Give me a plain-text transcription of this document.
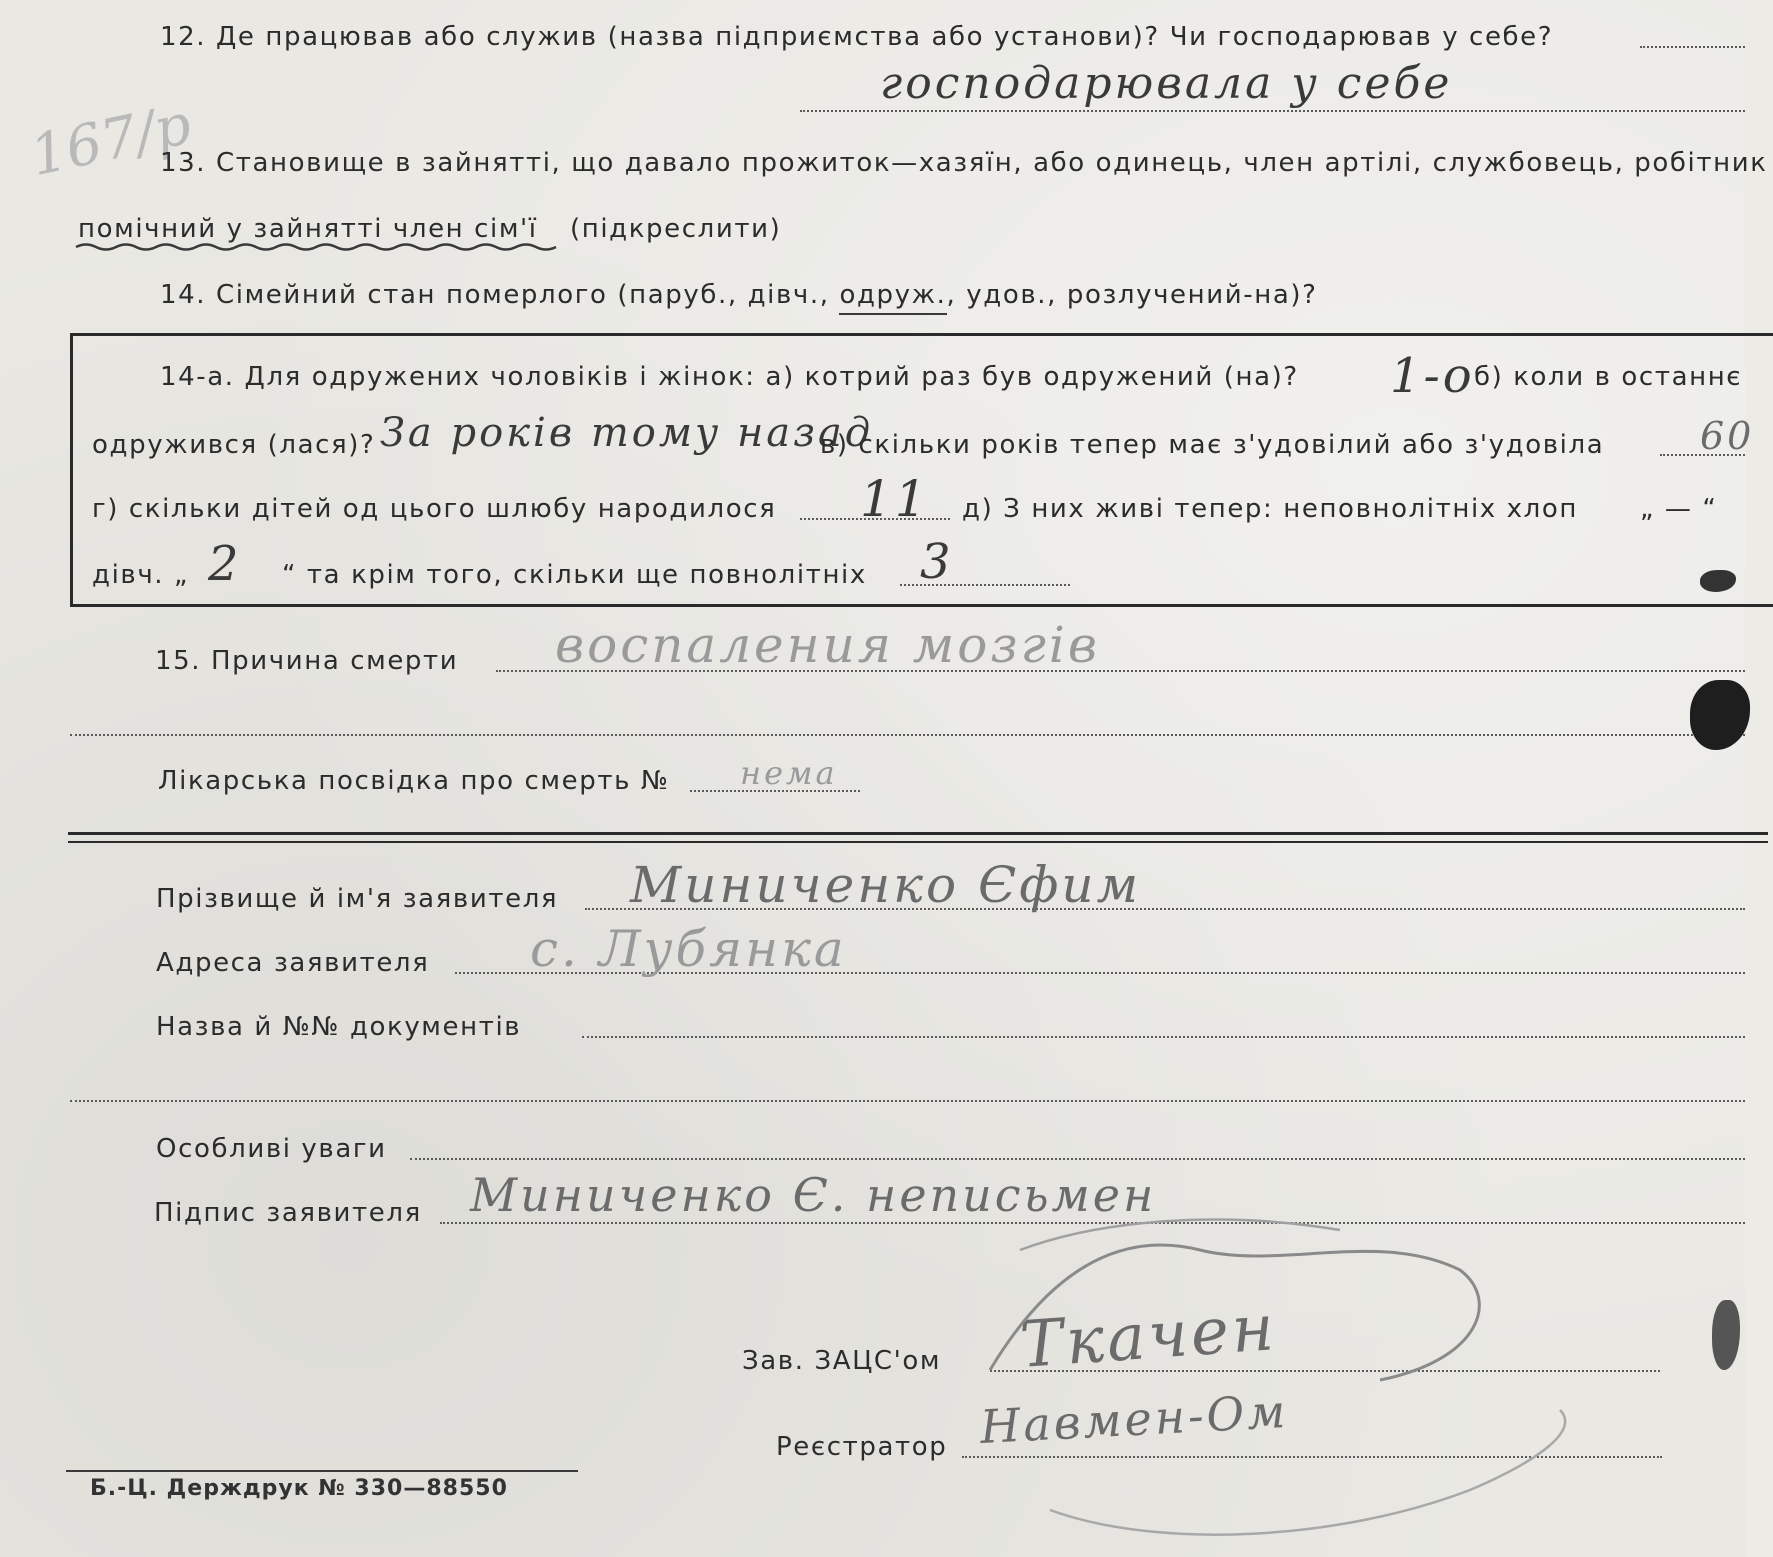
167/р
12. Де працював або служив (назва підприємства або установи)? Чи господарював у себе?
господарювала у себе
13. Становище в зайнятті, що давало прожиток—хазяїн, або одинець, член артілі, службовець, робітник
помічний у зайнятті член сім'ї (підкреслити)
14. Сімейний стан померлого (паруб., дівч., одруж., удов., розлучений-на)?
14-а. Для одружених чоловіків і жінок: а) котрий раз був одружений (на)? 1-о б) коли в останнє
одружився (лася)? За років тому назад
в) скільки років тепер має з'удовілий або з'удовіла	60
г) скільки дітей од цього шлюбу народилося 11 д) З них живі тепер: неповнолітніх хлоп „ — “
дівч. „ 2 “ та крім того, скільки ще повнолітніх 3
15. Причина смерти воспаления мозгів
Лікарська посвідка про смерть № нема
Прізвище й ім'я заявителя Миниченко Єфим
Адреса заявителя с. Лубянка
Назва й №№ документів
Особливі уваги
Підпис заявителя Миниченко Є. неписьмен
Зав. ЗАЦС'ом Ткачен
Реєстратор Навмен-Ом
Б.-Ц. Держдрук № 330—88550
